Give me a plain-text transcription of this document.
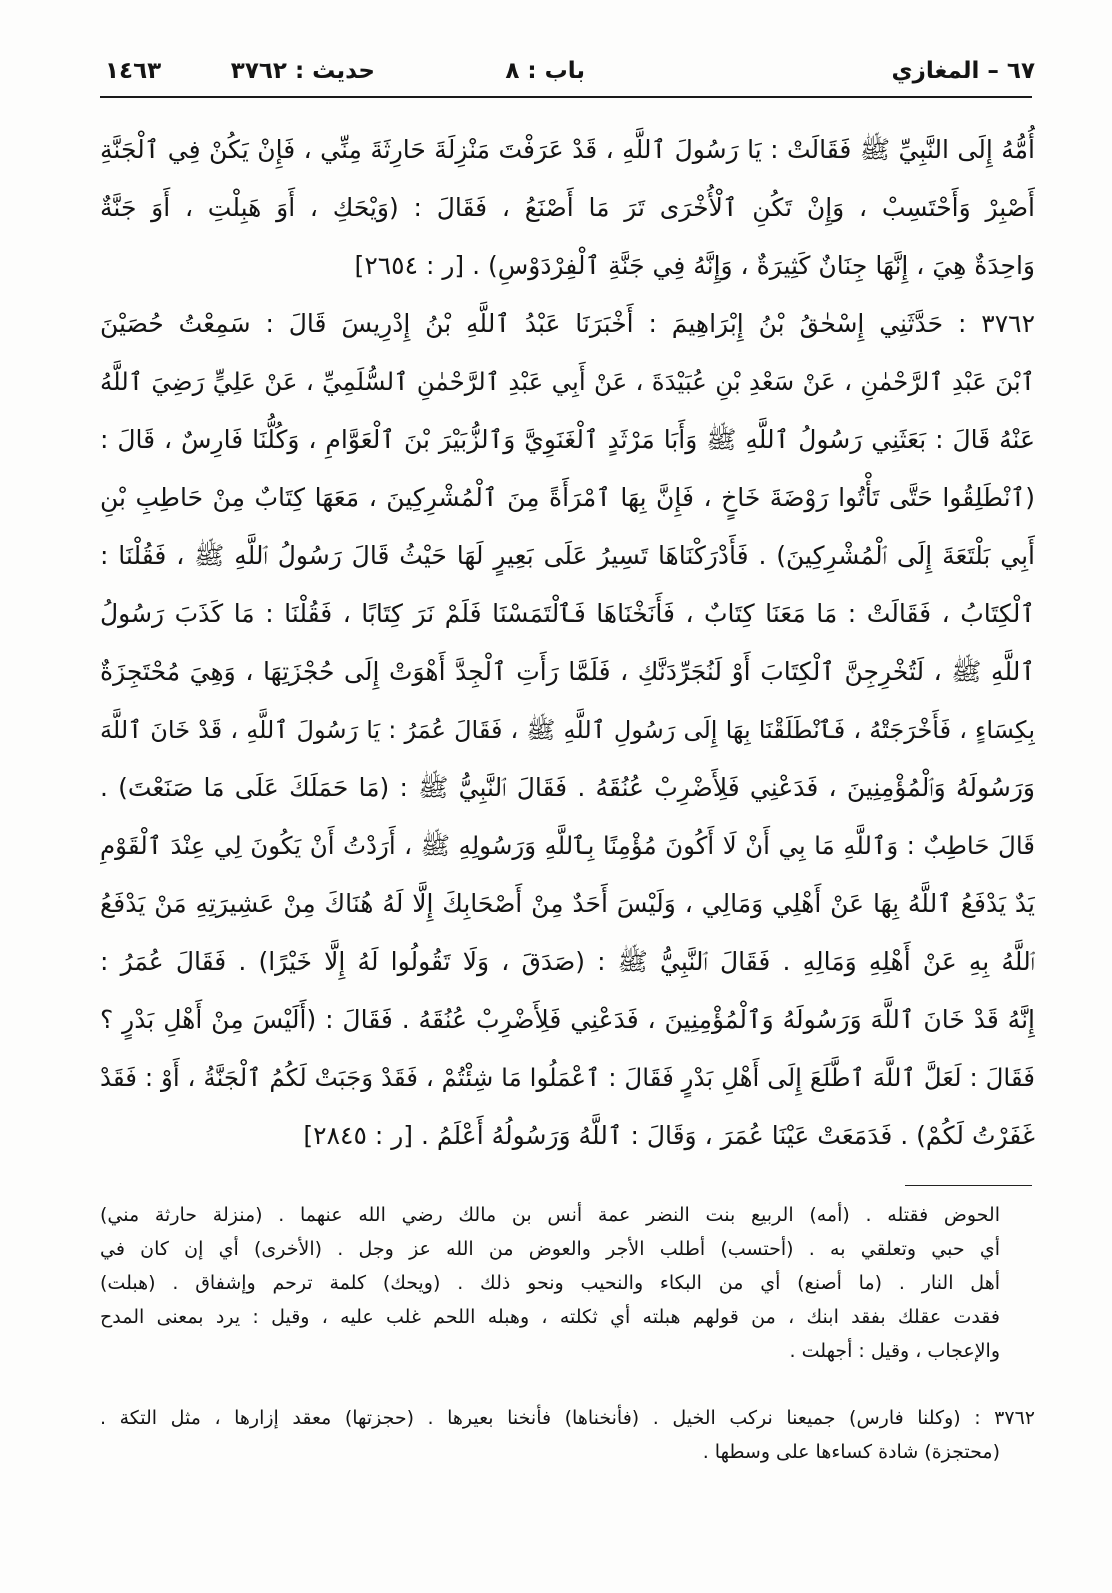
٦٧ – المغازي
باب : ٨
حديث : ٣٧٦٢
١٤٦٣
أُمُّهُ إِلَى النَّبِيِّ ﷺ فَقَالَتْ : يَا رَسُولَ ٱللَّهِ ، قَدْ عَرَفْتَ مَنْزِلَةَ حَارِثَةَ مِنِّي ، فَإِنْ يَكُنْ فِي ٱلْجَنَّةِ
أَصْبِرْ وَأَحْتَسِبْ ، وَإِنْ تَكُنِ ٱلْأُخْرَى تَرَ مَا أَصْنَعُ ، فَقَالَ : (وَيْحَكِ ، أَوَ هَبِلْتِ ، أَوَ جَنَّةٌ
وَاحِدَةٌ هِيَ ، إِنَّهَا جِنَانٌ كَثِيرَةٌ ، وَإِنَّهُ فِي جَنَّةِ ٱلْفِرْدَوْسِ) . [ر : ٢٦٥٤]
٣٧٦٢ : حَدَّثَنِي إِسْحٰقُ بْنُ إِبْرَاهِيمَ : أَخْبَرَنَا عَبْدُ ٱللَّهِ بْنُ إِدْرِيسَ قَالَ : سَمِعْتُ حُصَيْنَ
ٱبْنَ عَبْدِ ٱلرَّحْمٰنِ ، عَنْ سَعْدِ بْنِ عُبَيْدَةَ ، عَنْ أَبِي عَبْدِ ٱلرَّحْمٰنِ ٱلسُّلَمِيِّ ، عَنْ عَلِيٍّ رَضِيَ ٱللَّهُ
عَنْهُ قَالَ : بَعَثَنِي رَسُولُ ٱللَّهِ ﷺ وَأَبَا مَرْثَدٍ ٱلْغَنَوِيَّ وَٱلزُّبَيْرَ بْنَ ٱلْعَوَّامِ ، وَكُلُّنَا فَارِسٌ ، قَالَ :
(ٱنْطَلِقُوا حَتَّى تَأْتُوا رَوْضَةَ خَاخٍ ، فَإِنَّ بِهَا ٱمْرَأَةً مِنَ ٱلْمُشْرِكِينَ ، مَعَهَا كِتَابٌ مِنْ حَاطِبِ بْنِ
أَبِي بَلْتَعَةَ إِلَى ٱلْمُشْرِكِينَ) . فَأَدْرَكْنَاهَا تَسِيرُ عَلَى بَعِيرٍ لَهَا حَيْثُ قَالَ رَسُولُ ٱللَّهِ ﷺ ، فَقُلْنَا :
ٱلْكِتَابُ ، فَقَالَتْ : مَا مَعَنَا كِتَابٌ ، فَأَنَخْنَاهَا فَٱلْتَمَسْنَا فَلَمْ نَرَ كِتَابًا ، فَقُلْنَا : مَا كَذَبَ رَسُولُ
ٱللَّهِ ﷺ ، لَتُخْرِجِنَّ ٱلْكِتَابَ أَوْ لَنُجَرِّدَنَّكِ ، فَلَمَّا رَأَتِ ٱلْجِدَّ أَهْوَتْ إِلَى حُجْزَتِهَا ، وَهِيَ مُحْتَجِزَةٌ
بِكِسَاءٍ ، فَأَخْرَجَتْهُ ، فَٱنْطَلَقْنَا بِهَا إِلَى رَسُولِ ٱللَّهِ ﷺ ، فَقَالَ عُمَرُ : يَا رَسُولَ ٱللَّهِ ، قَدْ خَانَ ٱللَّهَ
وَرَسُولَهُ وَٱلْمُؤْمِنِينَ ، فَدَعْنِي فَلِأَضْرِبْ عُنُقَهُ . فَقَالَ ٱلنَّبِيُّ ﷺ : (مَا حَمَلَكَ عَلَى مَا صَنَعْتَ) .
قَالَ حَاطِبٌ : وَٱللَّهِ مَا بِي أَنْ لَا أَكُونَ مُؤْمِنًا بِٱللَّهِ وَرَسُولِهِ ﷺ ، أَرَدْتُ أَنْ يَكُونَ لِي عِنْدَ ٱلْقَوْمِ
يَدٌ يَدْفَعُ ٱللَّهُ بِهَا عَنْ أَهْلِي وَمَالِي ، وَلَيْسَ أَحَدٌ مِنْ أَصْحَابِكَ إِلَّا لَهُ هُنَاكَ مِنْ عَشِيرَتِهِ مَنْ يَدْفَعُ
ٱللَّهُ بِهِ عَنْ أَهْلِهِ وَمَالِهِ . فَقَالَ ٱلنَّبِيُّ ﷺ : (صَدَقَ ، وَلَا تَقُولُوا لَهُ إِلَّا خَيْرًا) . فَقَالَ عُمَرُ :
إِنَّهُ قَدْ خَانَ ٱللَّهَ وَرَسُولَهُ وَٱلْمُؤْمِنِينَ ، فَدَعْنِي فَلِأَضْرِبْ عُنُقَهُ . فَقَالَ : (أَلَيْسَ مِنْ أَهْلِ بَدْرٍ ؟
فَقَالَ : لَعَلَّ ٱللَّهَ ٱطَّلَعَ إِلَى أَهْلِ بَدْرٍ فَقَالَ : ٱعْمَلُوا مَا شِئْتُمْ ، فَقَدْ وَجَبَتْ لَكُمُ ٱلْجَنَّةُ ، أَوْ : فَقَدْ
غَفَرْتُ لَكُمْ) . فَدَمَعَتْ عَيْنَا عُمَرَ ، وَقَالَ : ٱللَّهُ وَرَسُولُهُ أَعْلَمُ . [ر : ٢٨٤٥]
الحوض فقتله . (أمه) الربيع بنت النضر عمة أنس بن مالك رضي الله عنهما . (منزلة حارثة مني)
أي حبي وتعلقي به . (أحتسب) أطلب الأجر والعوض من الله عز وجل . (الأخرى) أي إن كان في
أهل النار . (ما أصنع) أي من البكاء والنحيب ونحو ذلك . (ويحك) كلمة ترحم وإشفاق . (هبلت)
فقدت عقلك بفقد ابنك ، من قولهم هبلته أي ثكلته ، وهبله اللحم غلب عليه ، وقيل : يرد بمعنى المدح
والإعجاب ، وقيل : أجهلت .
٣٧٦٢ : (وكلنا فارس) جميعنا نركب الخيل . (فأنخناها) فأنخنا بعيرها . (حجزتها) معقد إزارها ، مثل التكة .
(محتجزة) شادة كساءها على وسطها .
